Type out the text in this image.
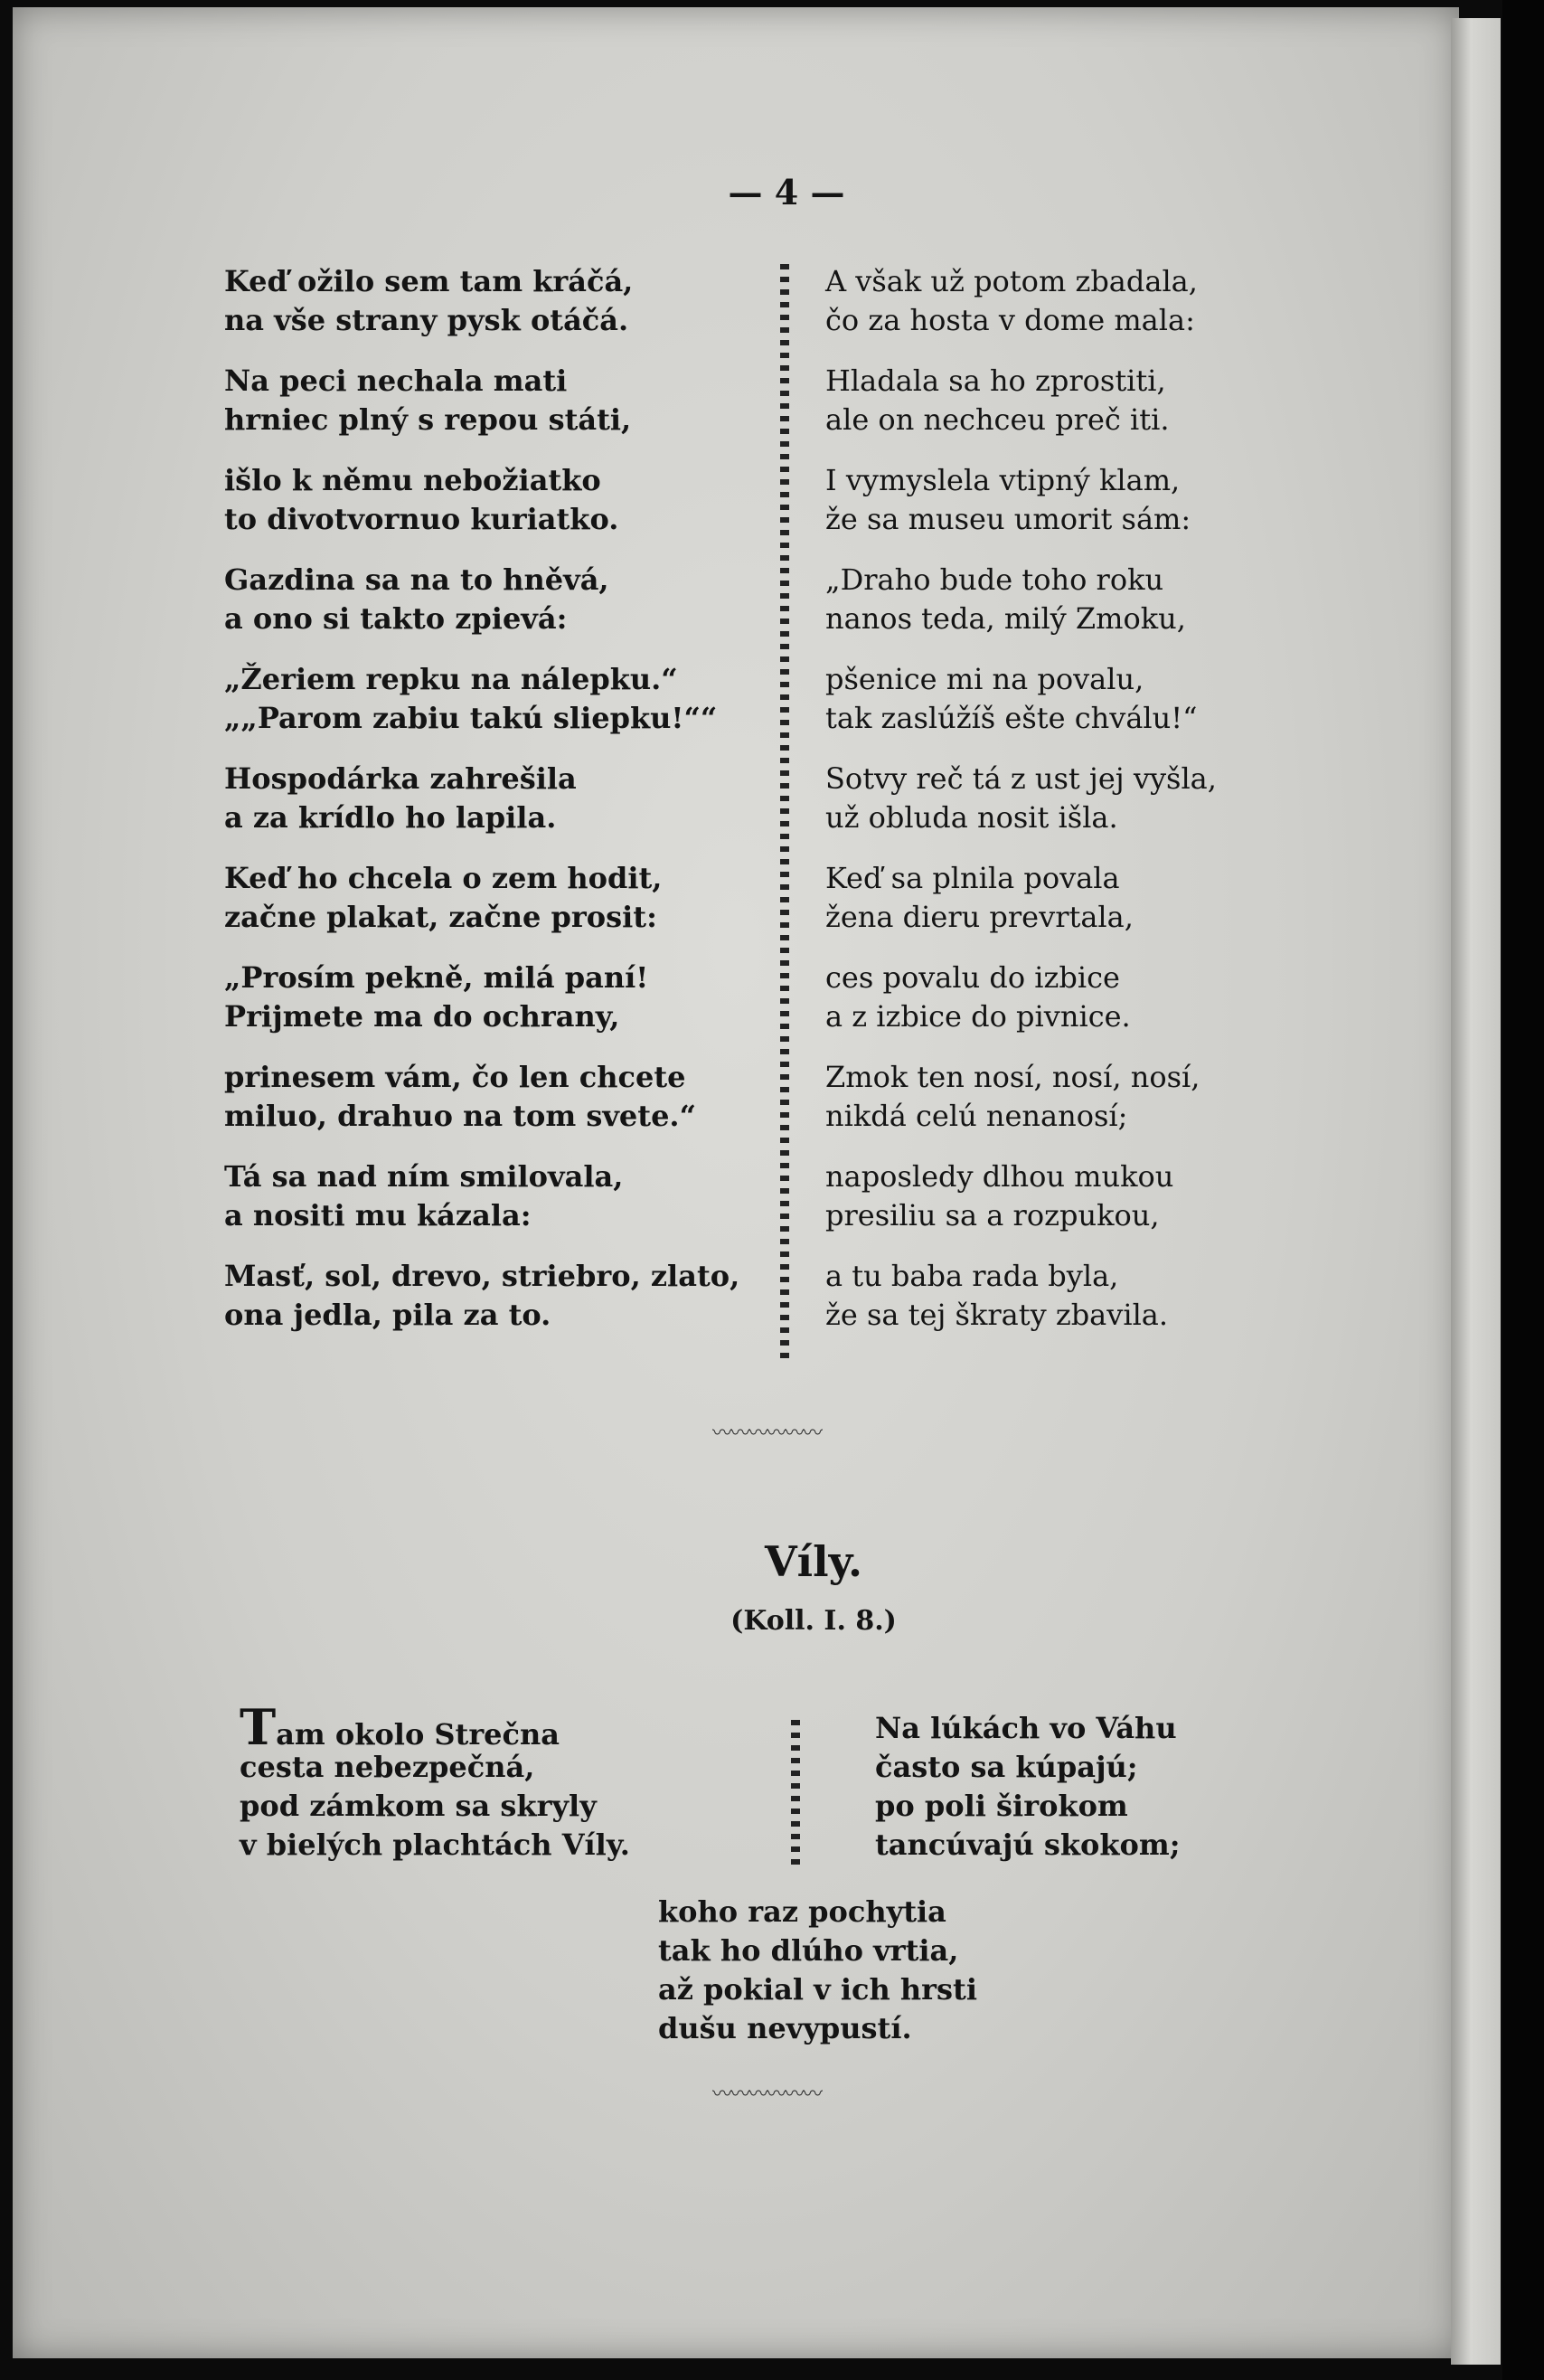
— 4 —
Keď ožilo sem tam kráčá,
na vše strany pysk otáčá.
Na peci nechala mati
hrniec plný s repou státi,
išlo k němu nebožiatko
to divotvornuo kuriatko.
Gazdina sa na to hněvá,
a ono si takto zpievá:
„Žeriem repku na nálepku.“
„„Parom zabiu takú sliepku!““
Hospodárka zahrešila
a za krídlo ho lapila.
Keď ho chcela o zem hodit,
začne plakat, začne prosit:
„Prosím pekně, milá paní!
Prijmete ma do ochrany,
prinesem vám, čo len chcete
miluo, drahuo na tom svete.“
Tá sa nad ním smilovala,
a nositi mu kázala:
Masť, sol, drevo, striebro, zlato,
ona jedla, pila za to.
A však už potom zbadala,
čo za hosta v dome mala:
Hladala sa ho zprostiti,
ale on nechceu preč iti.
I vymyslela vtipný klam,
že sa museu umorit sám:
„Draho bude toho roku
nanos teda, milý Zmoku,
pšenice mi na povalu,
tak zaslúžíš ešte chválu!“
Sotvy reč tá z ust jej vyšla,
už obluda nosit išla.
Keď sa plnila povala
žena dieru prevrtala,
ces povalu do izbice
a z izbice do pivnice.
Zmok ten nosí, nosí, nosí,
nikdá celú nenanosí;
naposledy dlhou mukou
presiliu sa a rozpukou,
a tu baba rada byla,
že sa tej škraty zbavila.
Víly.
(Koll. I. 8.)
Tam okolo Strečna
cesta nebezpečná,
pod zámkom sa skryly
v bielých plachtách Víly.
Na lúkách vo Váhu
často sa kúpajú;
po poli širokom
tancúvajú skokom;
koho raz pochytia
tak ho dlúho vrtia,
až pokial v ich hrsti
dušu nevypustí.
